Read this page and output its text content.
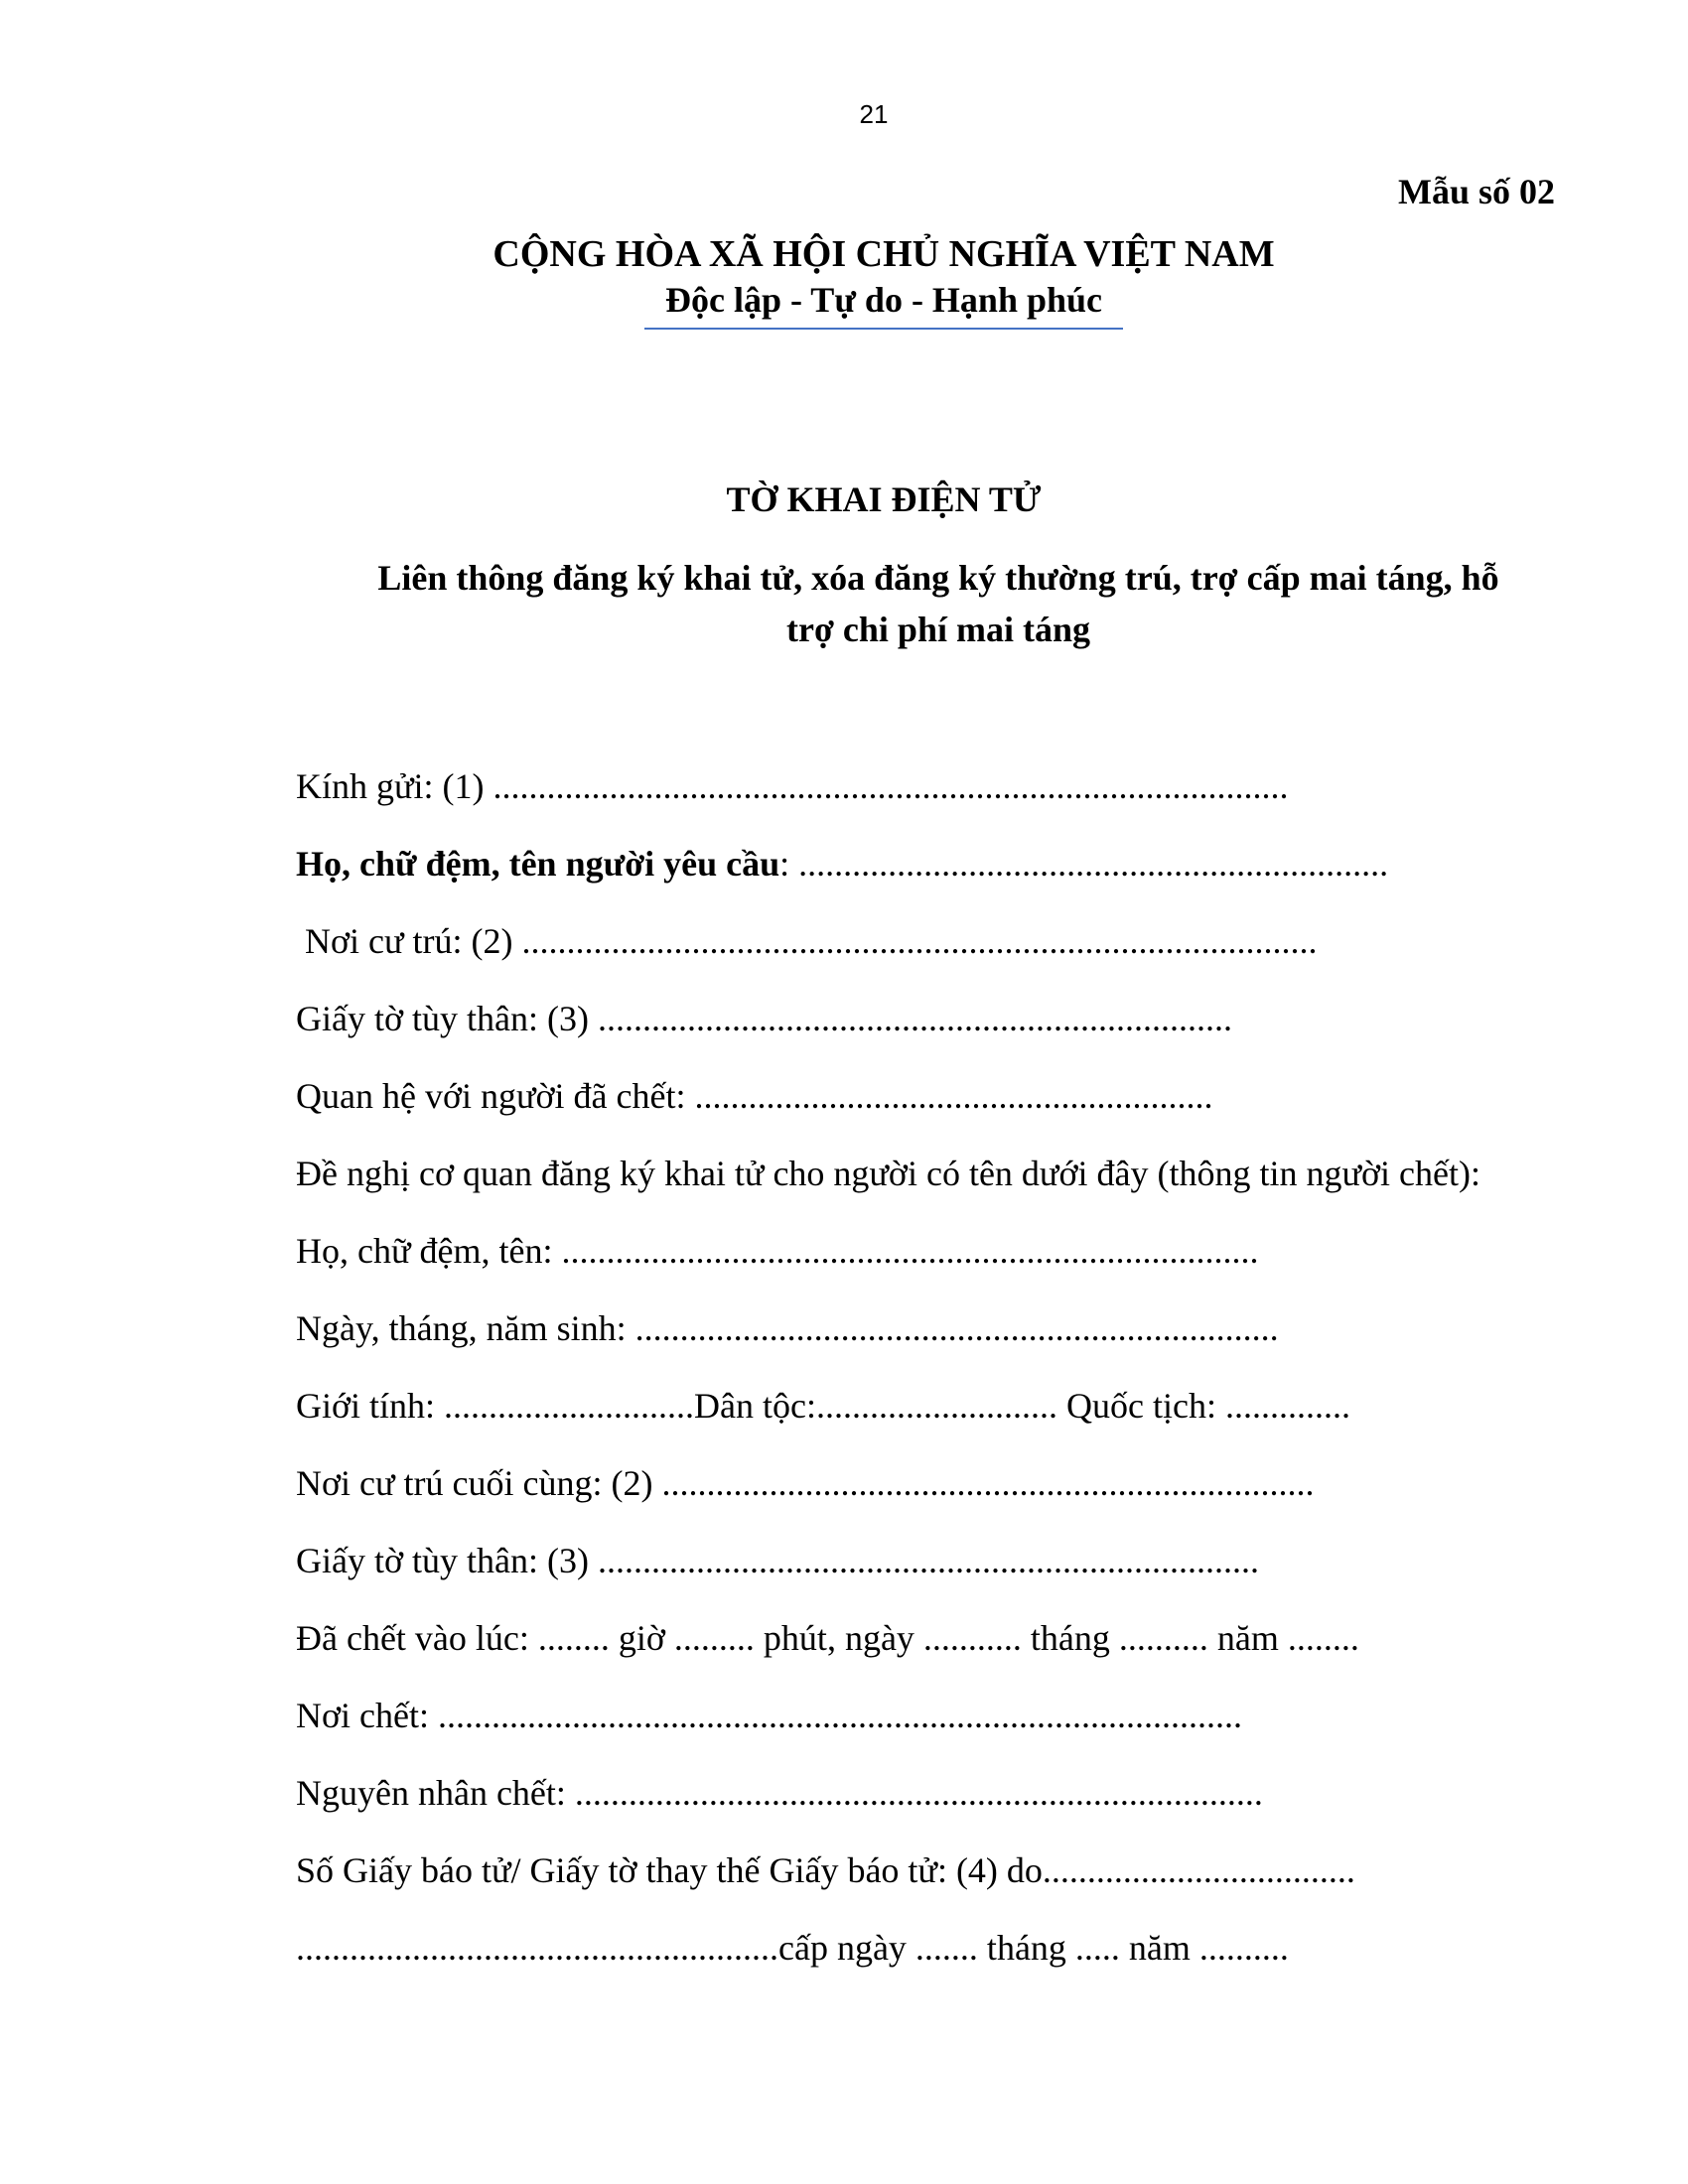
21
Mẫu số 02
CỘNG HÒA XÃ HỘI CHỦ NGHĨA VIỆT NAM
Độc lập - Tự do - Hạnh phúc
TỜ KHAI ĐIỆN TỬ
Liên thông đăng ký khai tử, xóa đăng ký thường trú, trợ cấp mai táng, hỗ
trợ chi phí mai táng
Kính gửi: (1) .........................................................................................
Họ, chữ đệm, tên người yêu cầu: ..................................................................
Nơi cư trú: (2) .........................................................................................
Giấy tờ tùy thân: (3) .......................................................................
Quan hệ với người đã chết: ..........................................................
Đề nghị cơ quan đăng ký khai tử cho người có tên dưới đây (thông tin người chết):
Họ, chữ đệm, tên: ..............................................................................
Ngày, tháng, năm sinh: ........................................................................
Giới tính: ............................Dân tộc:........................... Quốc tịch: ..............
Nơi cư trú cuối cùng: (2) .........................................................................
Giấy tờ tùy thân: (3) ..........................................................................
Đã chết vào lúc: ........ giờ ......... phút, ngày ........... tháng .......... năm ........
Nơi chết: ..........................................................................................
Nguyên nhân chết: .............................................................................
Số Giấy báo tử/ Giấy tờ thay thế Giấy báo tử: (4) do...................................
......................................................cấp ngày ....... tháng ..... năm ..........
